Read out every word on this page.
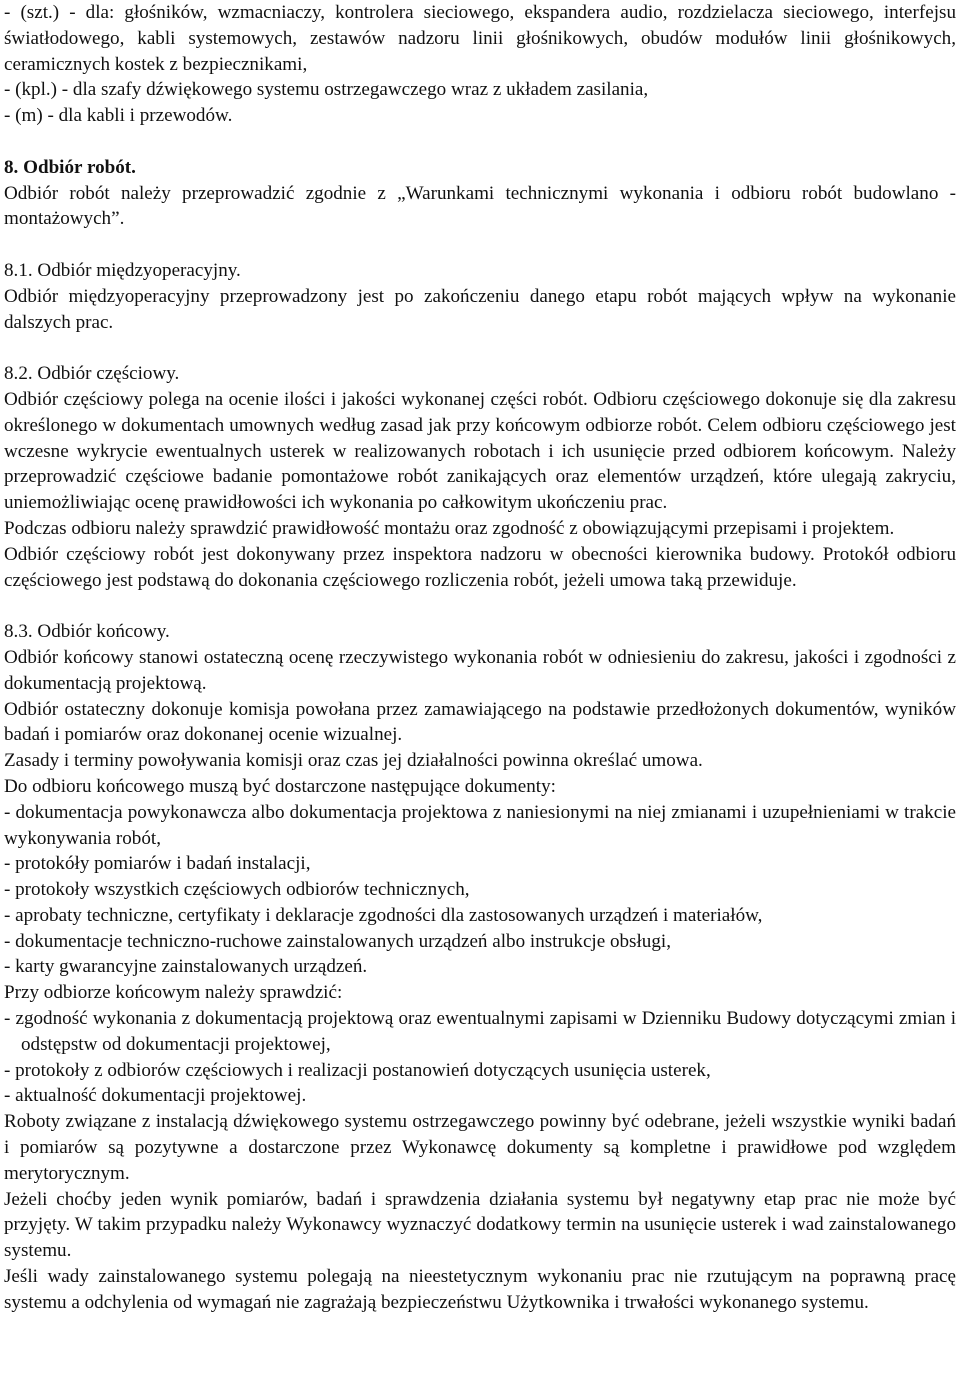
- (szt.) - dla: głośników, wzmacniaczy, kontrolera sieciowego, ekspandera audio, rozdzielacza sieciowego, interfejsu światłodowego, kabli systemowych, zestawów nadzoru linii głośnikowych, obudów modułów linii głośnikowych, ceramicznych kostek z bezpiecznikami,

- (kpl.) - dla szafy dźwiękowego systemu ostrzegawczego wraz z układem zasilania,

- (m) - dla kabli i przewodów.

8. Odbiór robót.

Odbiór robót należy przeprowadzić zgodnie z „Warunkami technicznymi wykonania i odbioru robót budowlano - montażowych”.

8.1. Odbiór międzyoperacyjny.

Odbiór międzyoperacyjny przeprowadzony jest po zakończeniu danego etapu robót mających wpływ na wykonanie dalszych prac.

8.2. Odbiór częściowy.

Odbiór częściowy polega na ocenie ilości i jakości wykonanej części robót. Odbioru częściowego dokonuje się dla zakresu określonego w dokumentach umownych według zasad jak przy końcowym odbiorze robót. Celem odbioru częściowego jest wczesne wykrycie ewentualnych usterek w realizowanych robotach i ich usunięcie przed odbiorem końcowym. Należy przeprowadzić częściowe badanie pomontażowe robót zanikających oraz elementów urządzeń, które ulegają zakryciu, uniemożliwiając ocenę prawidłowości ich wykonania po całkowitym ukończeniu prac.

Podczas odbioru należy sprawdzić prawidłowość montażu oraz zgodność z obowiązującymi przepisami i projektem.

Odbiór częściowy robót jest dokonywany przez inspektora nadzoru w obecności kierownika budowy. Protokół odbioru częściowego jest podstawą do dokonania częściowego rozliczenia robót, jeżeli umowa taką przewiduje.

8.3. Odbiór końcowy.

Odbiór końcowy stanowi ostateczną ocenę rzeczywistego wykonania robót w odniesieniu do zakresu, jakości i zgodności z dokumentacją projektową.

Odbiór ostateczny dokonuje komisja powołana przez zamawiającego na podstawie przedłożonych dokumentów, wyników badań i pomiarów oraz dokonanej ocenie wizualnej.

Zasady i terminy powoływania komisji oraz czas jej działalności powinna określać umowa.

Do odbioru końcowego muszą być dostarczone następujące dokumenty:

- dokumentacja powykonawcza albo dokumentacja projektowa z naniesionymi na niej zmianami i uzupełnieniami w trakcie wykonywania robót,

- protokóły pomiarów i badań instalacji,

- protokoły wszystkich częściowych odbiorów technicznych,

- aprobaty techniczne, certyfikaty i deklaracje zgodności dla zastosowanych urządzeń i materiałów,

- dokumentacje techniczno-ruchowe zainstalowanych urządzeń albo instrukcje obsługi,

- karty gwarancyjne zainstalowanych urządzeń.

Przy odbiorze końcowym należy sprawdzić:

- zgodność wykonania z dokumentacją projektową oraz ewentualnymi zapisami w Dzienniku Budowy dotyczącymi zmian i odstępstw od dokumentacji projektowej,

- protokoły z odbiorów częściowych i realizacji postanowień dotyczących usunięcia usterek,

- aktualność dokumentacji projektowej.

Roboty związane z instalacją dźwiękowego systemu ostrzegawczego powinny być odebrane, jeżeli wszystkie wyniki badań i pomiarów są pozytywne a dostarczone przez Wykonawcę dokumenty są kompletne i prawidłowe pod względem merytorycznym.

Jeżeli choćby jeden wynik pomiarów, badań i sprawdzenia działania systemu był negatywny etap prac nie może być przyjęty. W takim przypadku należy Wykonawcy wyznaczyć dodatkowy termin na usunięcie usterek i wad zainstalowanego systemu.

Jeśli wady zainstalowanego systemu polegają na nieestetycznym wykonaniu prac nie rzutującym na poprawną pracę systemu a odchylenia od wymagań nie zagrażają bezpieczeństwu Użytkownika i trwałości wykonanego systemu.
